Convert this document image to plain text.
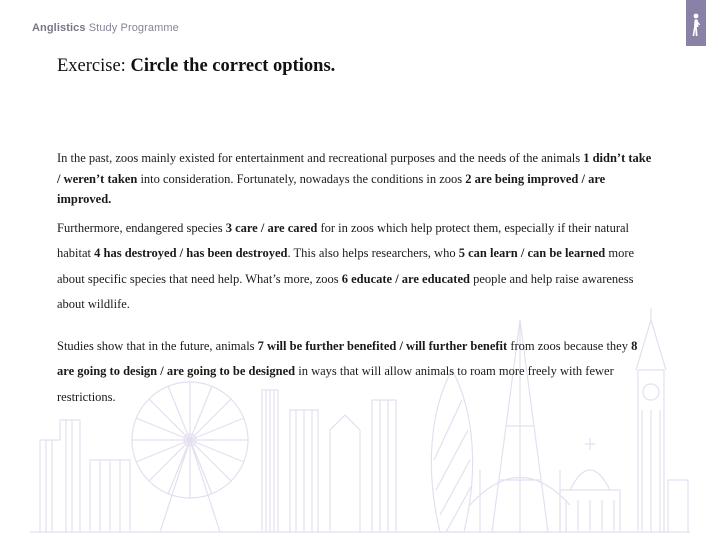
Anglistics Study Programme
Exercise: Circle the correct options.

In the past, zoos mainly existed for entertainment and recreational purposes and the needs of the animals 1 didn’t take / weren’t taken into consideration. Fortunately, nowadays the conditions in zoos 2 are being improved / are improved.

Furthermore, endangered species 3 care / are cared for in zoos which help protect them, especially if their natural habitat 4 has destroyed / has been destroyed. This also helps researchers, who 5 can learn / can be learned more about specific species that need help. What’s more, zoos 6 educate / are educated people and help raise awareness about wildlife.

Studies show that in the future, animals 7 will be further benefited / will further benefit from zoos because they 8 are going to design / are going to be designed in ways that will allow animals to roam more freely with fewer restrictions.
